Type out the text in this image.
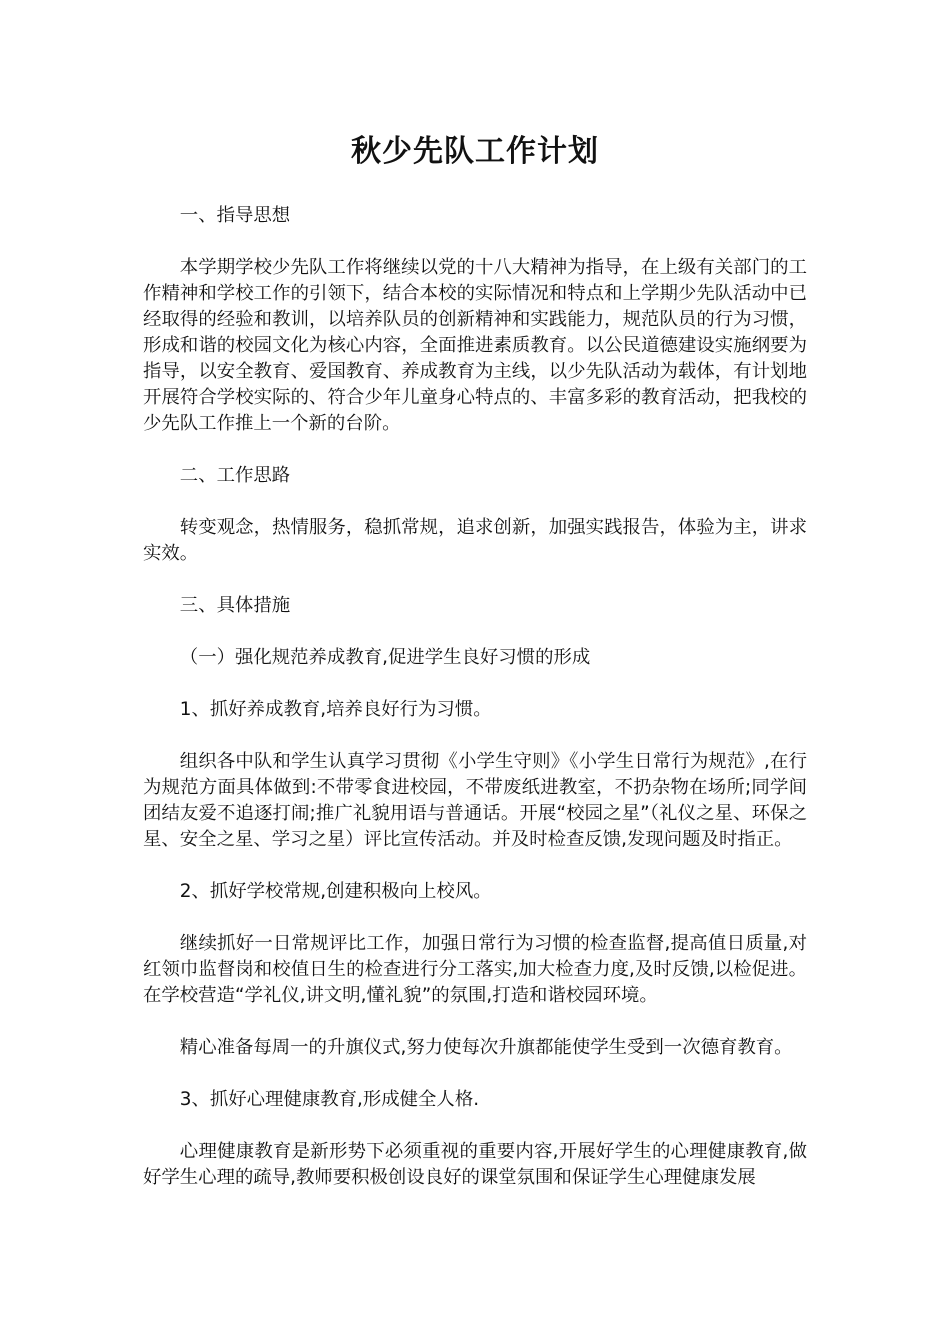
秋少先队工作计划

一、指导思想

本学期学校少先队工作将继续以党的十八大精神为指导，在上级有关部门的工作精神和学校工作的引领下，结合本校的实际情况和特点和上学期少先队活动中已经取得的经验和教训，以培养队员的创新精神和实践能力，规范队员的行为习惯，形成和谐的校园文化为核心内容，全面推进素质教育。以公民道德建设实施纲要为指导，以安全教育、爱国教育、养成教育为主线，以少先队活动为载体，有计划地开展符合学校实际的、符合少年儿童身心特点的、丰富多彩的教育活动，把我校的少先队工作推上一个新的台阶。

二、工作思路

转变观念，热情服务，稳抓常规，追求创新，加强实践报告，体验为主，讲求实效。

三、具体措施

（一）强化规范养成教育,促进学生良好习惯的形成

1、抓好养成教育,培养良好行为习惯。

组织各中队和学生认真学习贯彻《小学生守则》《小学生日常行为规范》,在行为规范方面具体做到:不带零食进校园，不带废纸进教室，不扔杂物在场所;同学间团结友爱不追逐打闹;推广礼貌用语与普通话。开展“校园之星”（礼仪之星、环保之星、安全之星、学习之星）评比宣传活动。并及时检查反馈,发现问题及时指正。

2、抓好学校常规,创建积极向上校风。

继续抓好一日常规评比工作，加强日常行为习惯的检查监督,提高值日质量,对红领巾监督岗和校值日生的检查进行分工落实,加大检查力度,及时反馈,以检促进。在学校营造“学礼仪,讲文明,懂礼貌”的氛围,打造和谐校园环境。

精心准备每周一的升旗仪式,努力使每次升旗都能使学生受到一次德育教育。

3、抓好心理健康教育,形成健全人格.

心理健康教育是新形势下必须重视的重要内容,开展好学生的心理健康教育,做好学生心理的疏导,教师要积极创设良好的课堂氛围和保证学生心理健康发展
